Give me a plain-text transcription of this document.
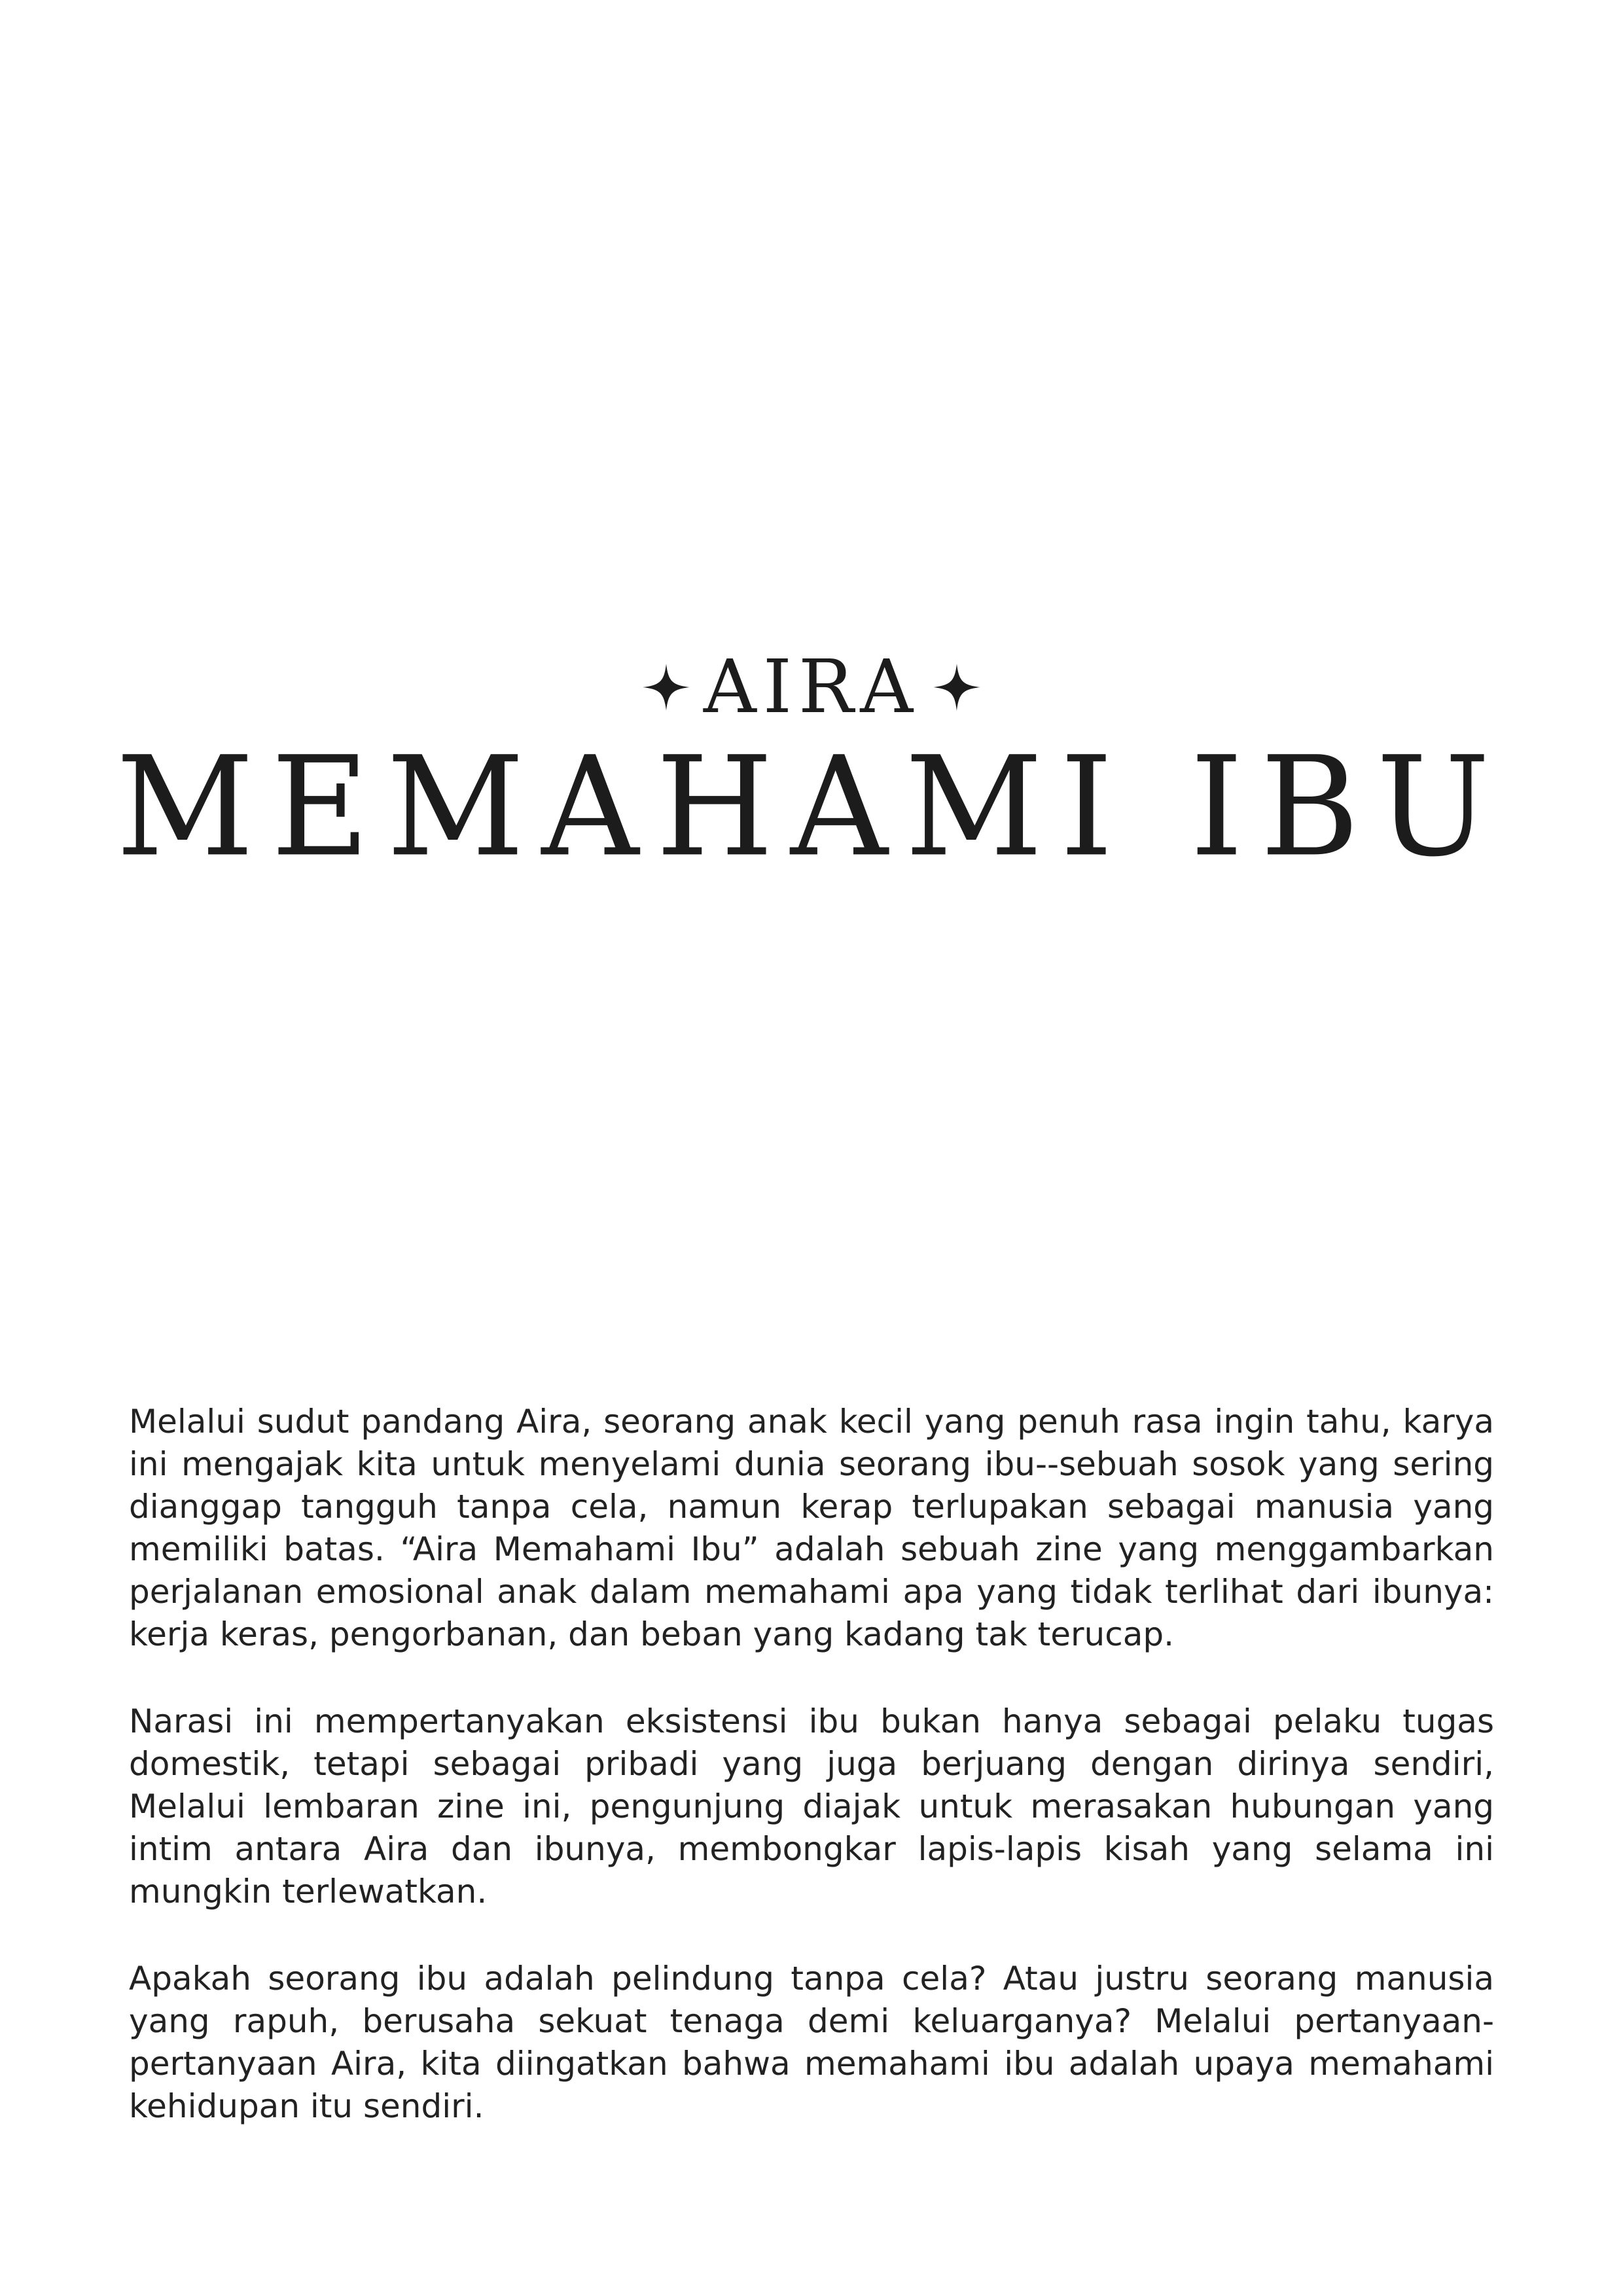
AIRA
MEMAHAMI IBU

Melalui sudut pandang Aira, seorang anak kecil yang penuh rasa ingin tahu, karya ini mengajak kita untuk menyelami dunia seorang ibu--sebuah sosok yang sering dianggap tangguh tanpa cela, namun kerap terlupakan sebagai manusia yang memiliki batas. “Aira Memahami Ibu” adalah sebuah zine yang menggambarkan perjalanan emosional anak dalam memahami apa yang tidak terlihat dari ibunya: kerja keras, pengorbanan, dan beban yang kadang tak terucap.

Narasi ini mempertanyakan eksistensi ibu bukan hanya sebagai pelaku tugas domestik, tetapi sebagai pribadi yang juga berjuang dengan dirinya sendiri, Melalui lembaran zine ini, pengunjung diajak untuk merasakan hubungan yang intim antara Aira dan ibunya, membongkar lapis-lapis kisah yang selama ini mungkin terlewatkan.

Apakah seorang ibu adalah pelindung tanpa cela? Atau justru seorang manusia yang rapuh, berusaha sekuat tenaga demi keluarganya? Melalui pertanyaan-pertanyaan Aira, kita diingatkan bahwa memahami ibu adalah upaya memahami kehidupan itu sendiri.
